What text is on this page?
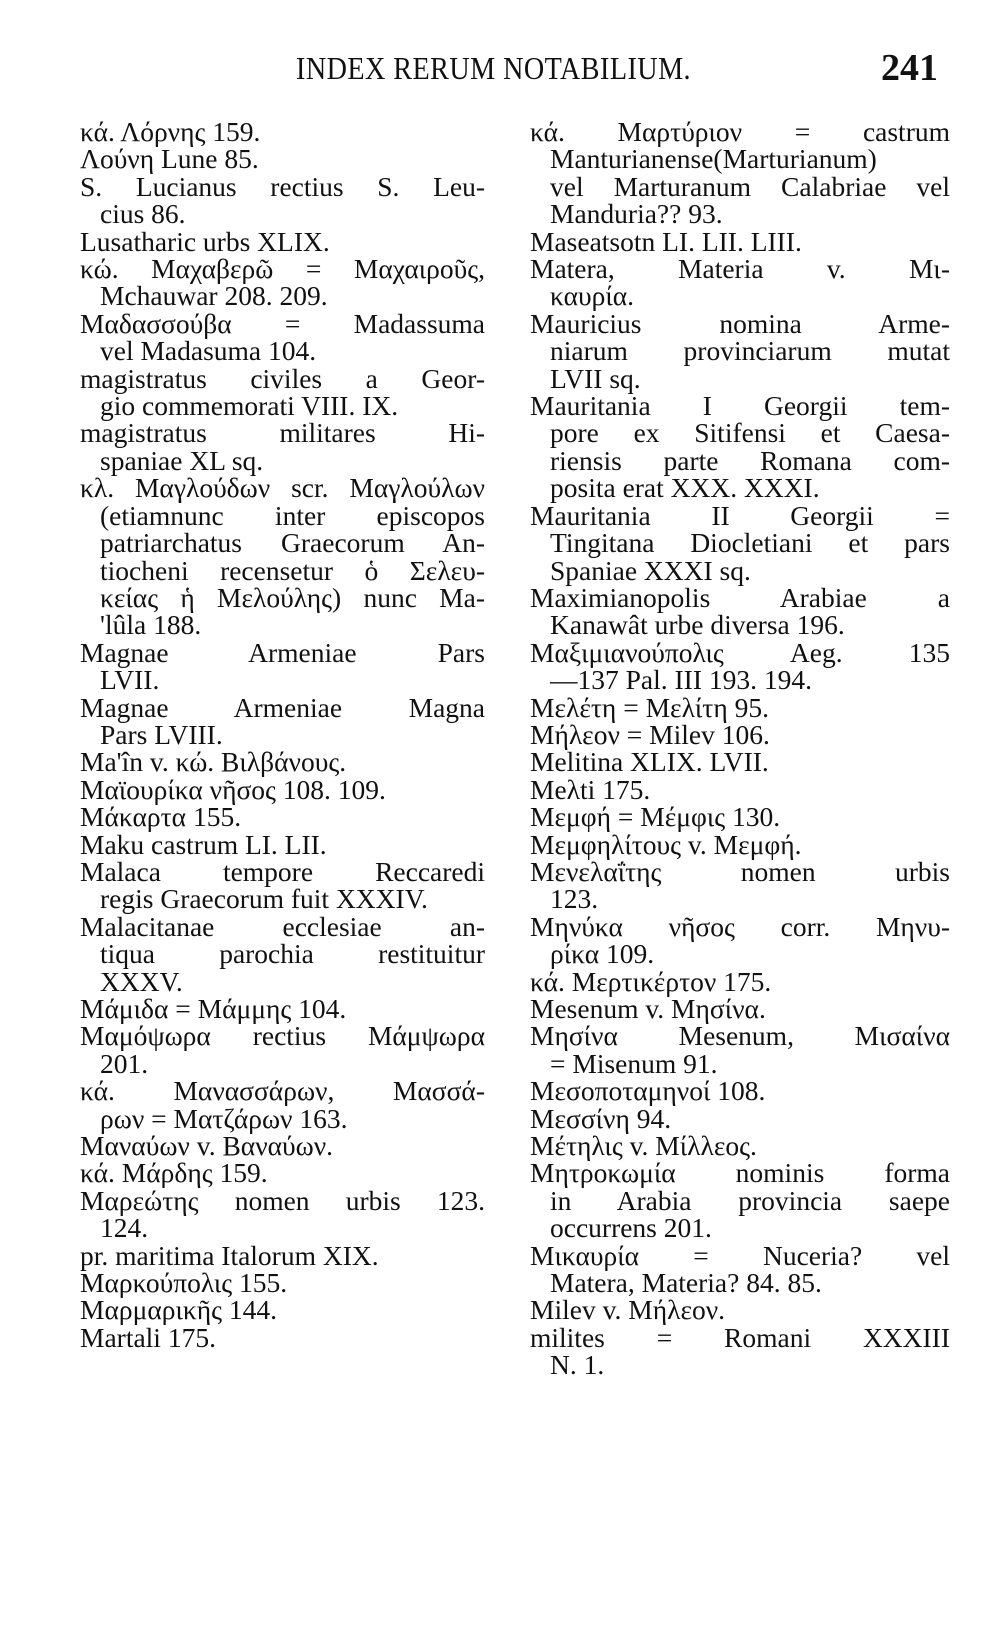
INDEX RERUM NOTABILIUM.	241
κά. Λόρνης 159.
Λούνη Lune 85.
S. Lucianus rectius S. Leu-
cius 86.
Lusatharic urbs XLIX.
κώ. Μαχαβερῶ = Μαχαιροῦς,
Mchauwar 208. 209.
Μαδασσούβα = Madassuma
vel Madasuma 104.
magistratus civiles a Geor-
gio commemorati VIII. IX.
magistratus militares Hi-
spaniae XL sq.
κλ. Μαγλούδων scr. Μαγλούλων
(etiamnunc inter episcopos
patriarchatus Graecorum An-
tiocheni recensetur ὁ Σελευ-
κείας ἡ Μελούλης) nunc Ma-
'lûla 188.
Magnae Armeniae Pars
LVII.
Magnae Armeniae Magna
Pars LVIII.
Ma'în v. κώ. Βιλβάνους.
Μαϊουρίκα νῆσος 108. 109.
Μάκαρτα 155.
Maku castrum LI. LII.
Malaca tempore Reccaredi
regis Graecorum fuit XXXIV.
Malacitanae ecclesiae an-
tiqua parochia restituitur
XXXV.
Μάμιδα = Μάμμης 104.
Μαμόψωρα rectius Μάμψωρα
201.
κά. Μανασσάρων, Μασσά-
ρων = Ματζάρων 163.
Μαναύων v. Βαναύων.
κά. Μάρδης 159.
Μαρεώτης nomen urbis 123.
124.
pr. maritima Italorum XIX.
Μαρκούπολις 155.
Μαρμαρικῆς 144.
Martali 175.
κά. Μαρτύριον = castrum
Manturianense(Marturianum)
vel Marturanum Calabriae vel
Manduria?? 93.
Maseatsotn LI. LII. LIII.
Matera, Materia v. Μι-
καυρία.
Mauricius nomina Arme-
niarum provinciarum mutat
LVII sq.
Mauritania I Georgii tem-
pore ex Sitifensi et Caesa-
riensis parte Romana com-
posita erat XXX. XXXI.
Mauritania II Georgii =
Tingitana Diocletiani et pars
Spaniae XXXI sq.
Maximianopolis Arabiae a
Kanawât urbe diversa 196.
Μαξιμιανούπολις Aeg. 135
—137 Pal. III 193. 194.
Μελέτη = Μελίτη 95.
Μήλεον = Milev 106.
Melitina XLIX. LVII.
Meλti 175.
Μεμφή = Μέμφις 130.
Μεμφηλίτους v. Μεμφή.
Μενελαΐτης nomen urbis
123.
Μηνύκα νῆσος corr. Μηνυ-
ρίκα 109.
κά. Μερτικέρτον 175.
Mesenum v. Μησίνα.
Μησίνα Mesenum, Μισαίνα
= Misenum 91.
Μεσοποταμηνοί 108.
Μεσσίνη 94.
Μέτηλις v. Μίλλεος.
Μητροκωμία nominis forma
in Arabia provincia saepe
occurrens 201.
Μικαυρία = Nuceria? vel
Matera, Materia? 84. 85.
Milev v. Μήλεον.
milites = Romani XXXIII
N. 1.
